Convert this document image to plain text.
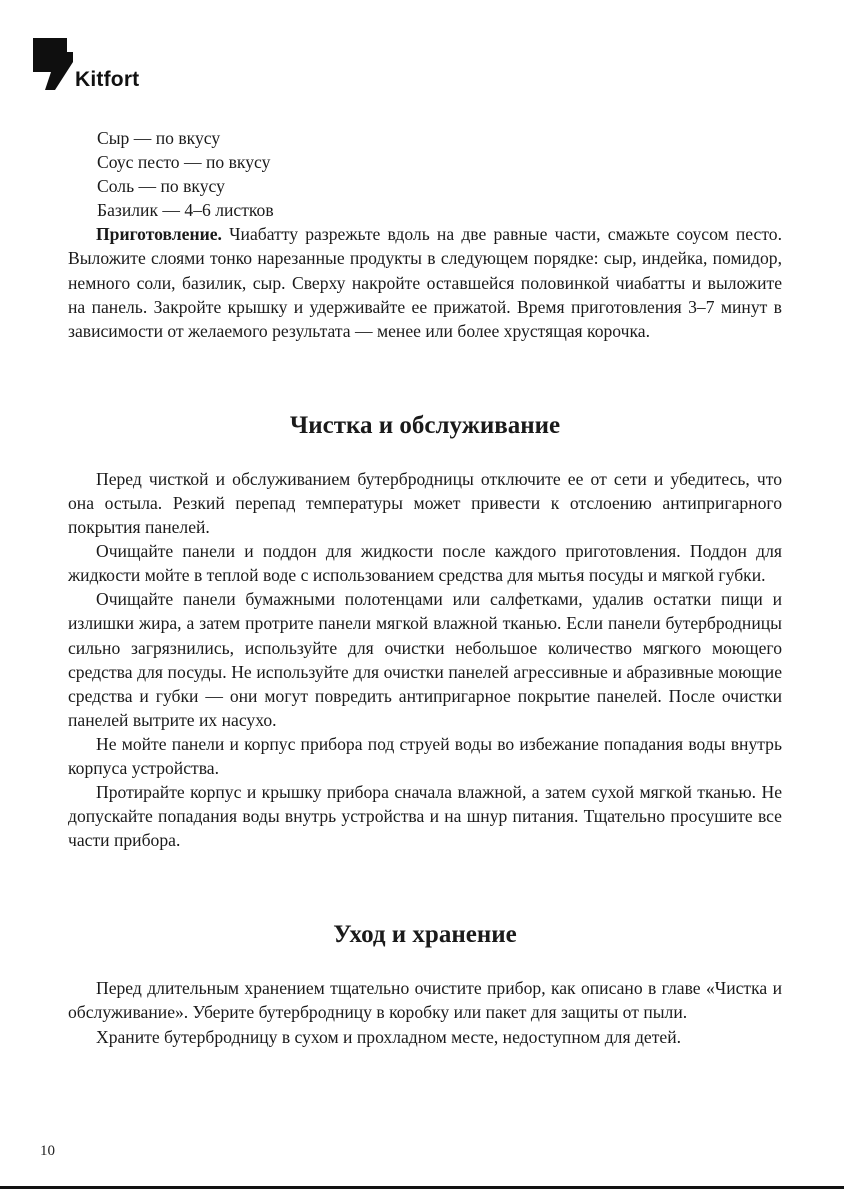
Kitfort

Сыр — по вкусу

Соус песто — по вкусу

Соль — по вкусу

Базилик — 4–6 листков

Приготовление. Чиабатту разрежьте вдоль на две равные части, смажьте соусом песто. Выложите слоями тонко нарезанные продукты в следующем порядке: сыр, индейка, помидор, немного соли, базилик, сыр. Сверху накройте оставшейся половинкой чиабатты и выложите на панель. Закройте крышку и удерживайте ее прижатой. Время приготовления 3–7 минут в зависимости от желаемого результата — менее или более хрустящая корочка.

Чистка и обслуживание

Перед чисткой и обслуживанием бутербродницы отключите ее от сети и убедитесь, что она остыла. Резкий перепад температуры может привести к отслоению антипригарного покрытия панелей.

Очищайте панели и поддон для жидкости после каждого приготовления. Поддон для жидкости мойте в теплой воде с использованием средства для мытья посуды и мягкой губки.

Очищайте панели бумажными полотенцами или салфетками, удалив остатки пищи и излишки жира, а затем протрите панели мягкой влажной тканью. Если панели бутербродницы сильно загрязнились, используйте для очистки небольшое количество мягкого моющего средства для посуды. Не используйте для очистки панелей агрессивные и абразивные моющие средства и губки — они могут повредить антипригарное покрытие панелей. После очистки панелей вытрите их насухо.

Не мойте панели и корпус прибора под струей воды во избежание попадания воды внутрь корпуса устройства.

Протирайте корпус и крышку прибора сначала влажной, а затем сухой мягкой тканью. Не допускайте попадания воды внутрь устройства и на шнур питания. Тщательно просушите все части прибора.

Уход и хранение

Перед длительным хранением тщательно очистите прибор, как описано в главе «Чистка и обслуживание». Уберите бутербродницу в коробку или пакет для защиты от пыли.

Храните бутербродницу в сухом и прохладном месте, недоступном для детей.

10
